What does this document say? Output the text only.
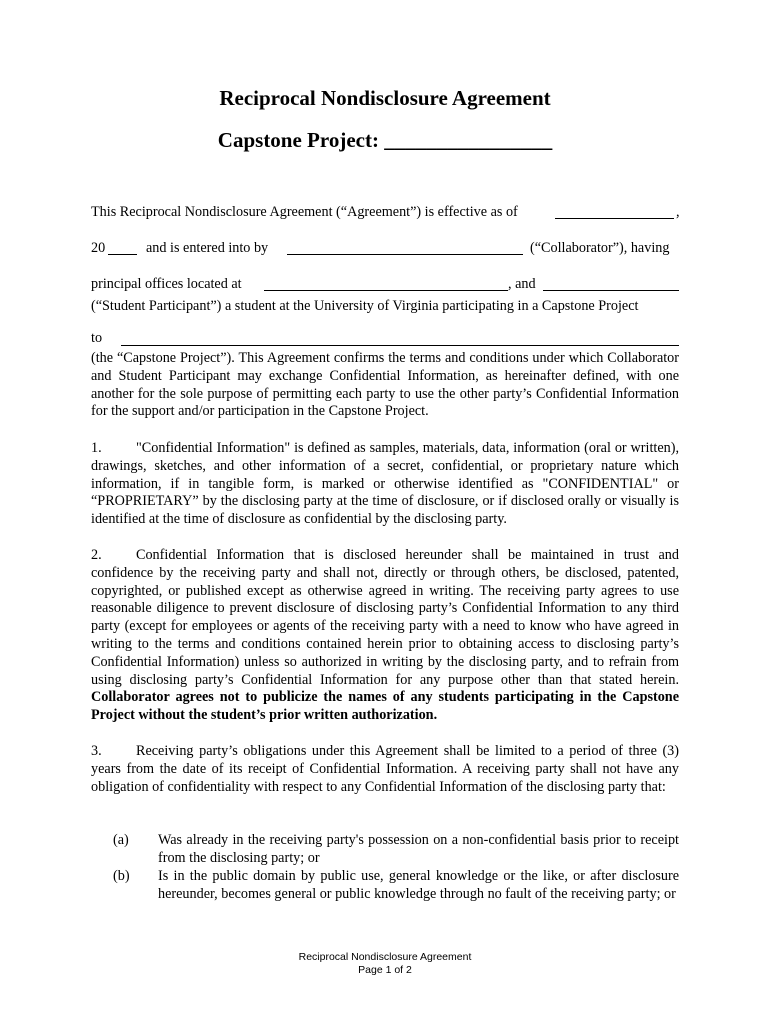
Reciprocal Nondisclosure Agreement
Capstone Project: ________________
This Reciprocal Nondisclosure Agreement (“Agreement”) is effective as of	,
20	and is entered into by	(“Collaborator”), having
principal offices located at	, and
(“Student Participant”) a student at the University of Virginia participating in a Capstone Project
to

(the “Capstone Project”). This Agreement confirms the terms and conditions under which Collaborator and Student Participant may exchange Confidential Information, as hereinafter defined, with one another for the sole purpose of permitting each party to use the other party’s Confidential Information for the support and/or participation in the Capstone Project.

1. "Confidential Information" is defined as samples, materials, data, information (oral or written), drawings, sketches, and other information of a secret, confidential, or proprietary nature which information, if in tangible form, is marked or otherwise identified as "CONFIDENTIAL" or “PROPRIETARY” by the disclosing party at the time of disclosure, or if disclosed orally or visually is identified at the time of disclosure as confidential by the disclosing party.

2. Confidential Information that is disclosed hereunder shall be maintained in trust and confidence by the receiving party and shall not, directly or through others, be disclosed, patented, copyrighted, or published except as otherwise agreed in writing. The receiving party agrees to use reasonable diligence to prevent disclosure of disclosing party’s Confidential Information to any third party (except for employees or agents of the receiving party with a need to know who have agreed in writing to the terms and conditions contained herein prior to obtaining access to disclosing party’s Confidential Information) unless so authorized in writing by the disclosing party, and to refrain from using disclosing party’s Confidential Information for any purpose other than that stated herein. Collaborator agrees not to publicize the names of any students participating in the Capstone Project without the student’s prior written authorization.

3. Receiving party’s obligations under this Agreement shall be limited to a period of three (3) years from the date of its receipt of Confidential Information. A receiving party shall not have any obligation of confidentiality with respect to any Confidential Information of the disclosing party that:

(a) Was already in the receiving party's possession on a non-confidential basis prior to receipt from the disclosing party; or
(b) Is in the public domain by public use, general knowledge or the like, or after disclosure hereunder, becomes general or public knowledge through no fault of the receiving party; or
Reciprocal Nondisclosure Agreement
Page 1 of 2
